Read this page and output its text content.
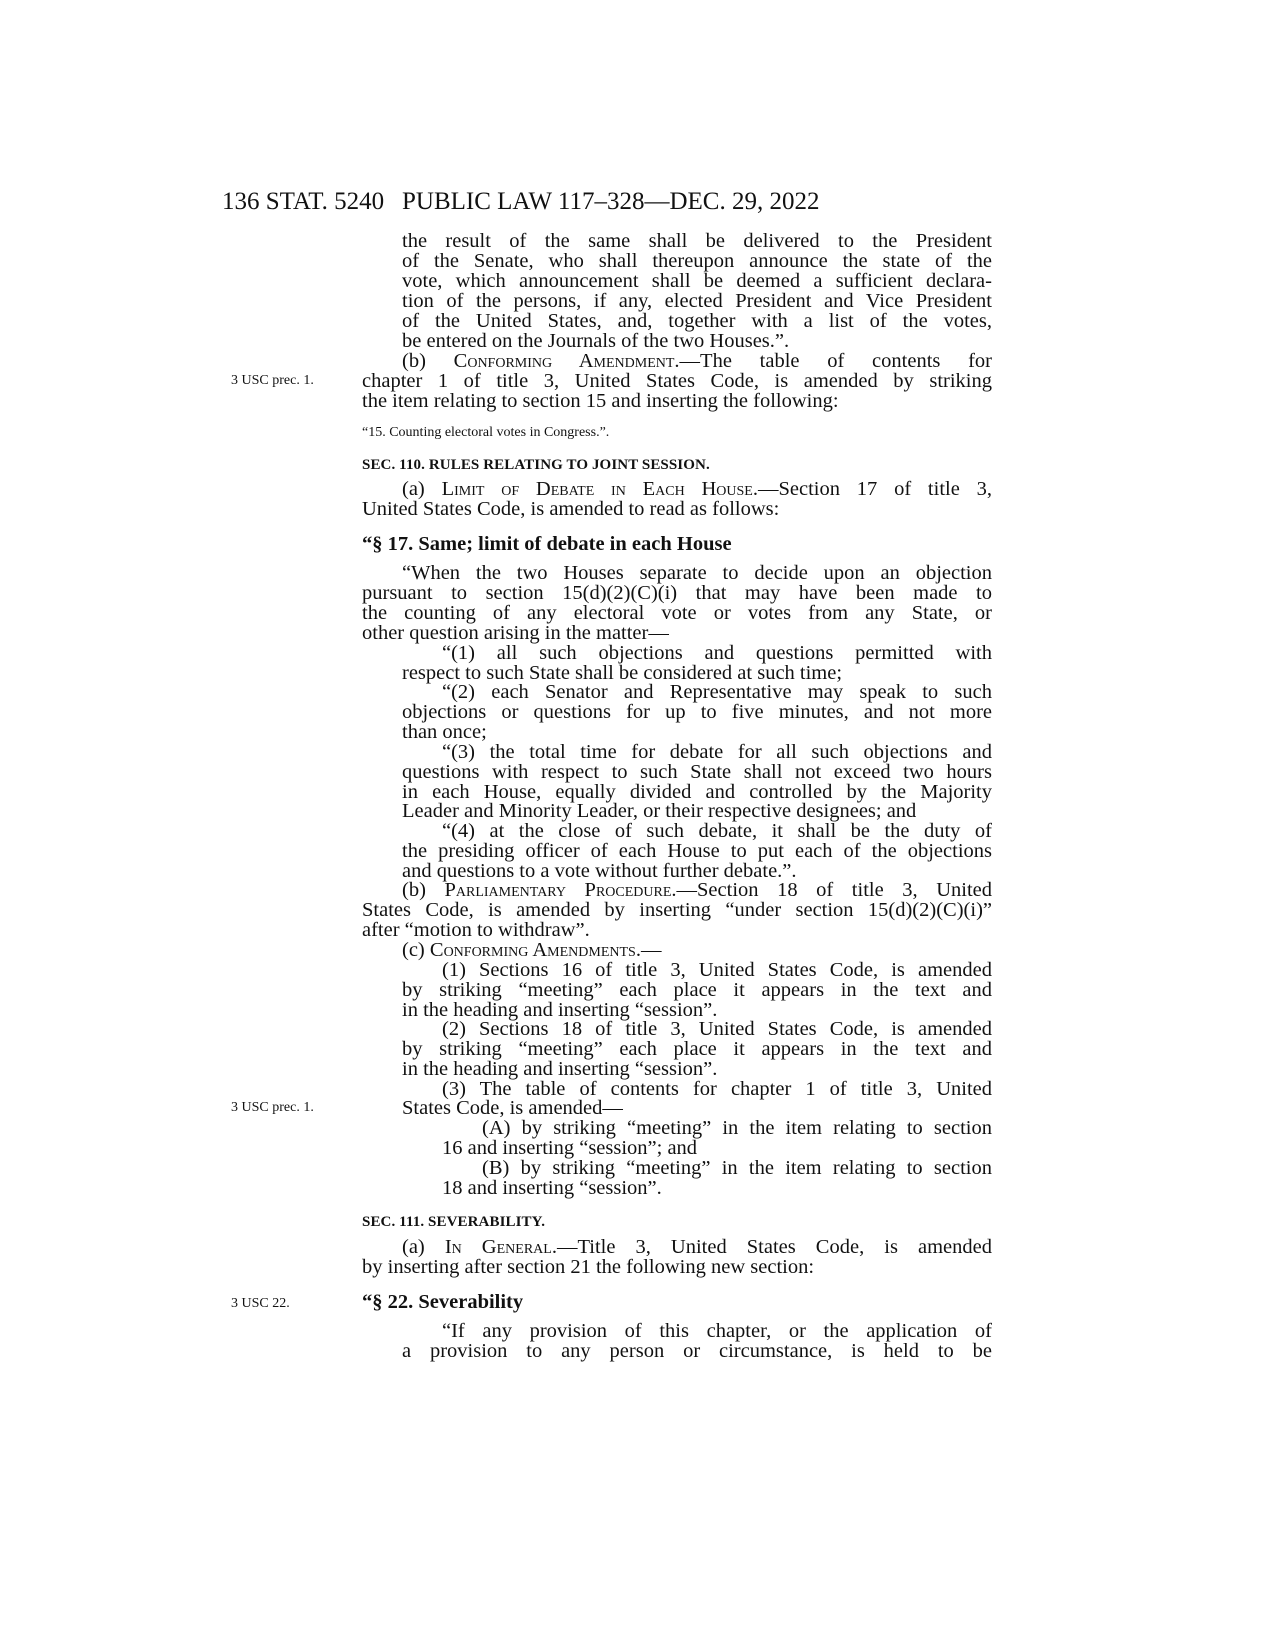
136 STAT. 5240 PUBLIC LAW 117–328—DEC. 29, 2022
3 USC prec. 1.
3 USC prec. 1.
3 USC 22.
the result of the same shall be delivered to the President
of the Senate, who shall thereupon announce the state of the
vote, which announcement shall be deemed a sufficient declara-
tion of the persons, if any, elected President and Vice President
of the United States, and, together with a list of the votes,
be entered on the Journals of the two Houses.”.
(b) Conforming Amendment.—The table of contents for
chapter 1 of title 3, United States Code, is amended by striking
the item relating to section 15 and inserting the following:
“15. Counting electoral votes in Congress.”.
SEC. 110. RULES RELATING TO JOINT SESSION.
(a) Limit of Debate in Each House.—Section 17 of title 3,
United States Code, is amended to read as follows:
“§ 17. Same; limit of debate in each House
“When the two Houses separate to decide upon an objection
pursuant to section 15(d)(2)(C)(i) that may have been made to
the counting of any electoral vote or votes from any State, or
other question arising in the matter—
“(1) all such objections and questions permitted with
respect to such State shall be considered at such time;
“(2) each Senator and Representative may speak to such
objections or questions for up to five minutes, and not more
than once;
“(3) the total time for debate for all such objections and
questions with respect to such State shall not exceed two hours
in each House, equally divided and controlled by the Majority
Leader and Minority Leader, or their respective designees; and
“(4) at the close of such debate, it shall be the duty of
the presiding officer of each House to put each of the objections
and questions to a vote without further debate.”.
(b) Parliamentary Procedure.—Section 18 of title 3, United
States Code, is amended by inserting “under section 15(d)(2)(C)(i)”
after “motion to withdraw”.
(c) Conforming Amendments.—
(1) Sections 16 of title 3, United States Code, is amended
by striking “meeting” each place it appears in the text and
in the heading and inserting “session”.
(2) Sections 18 of title 3, United States Code, is amended
by striking “meeting” each place it appears in the text and
in the heading and inserting “session”.
(3) The table of contents for chapter 1 of title 3, United
States Code, is amended—
(A) by striking “meeting” in the item relating to section
16 and inserting “session”; and
(B) by striking “meeting” in the item relating to section
18 and inserting “session”.
SEC. 111. SEVERABILITY.
(a) In General.—Title 3, United States Code, is amended
by inserting after section 21 the following new section:
“§ 22. Severability
“If any provision of this chapter, or the application of
a provision to any person or circumstance, is held to be
